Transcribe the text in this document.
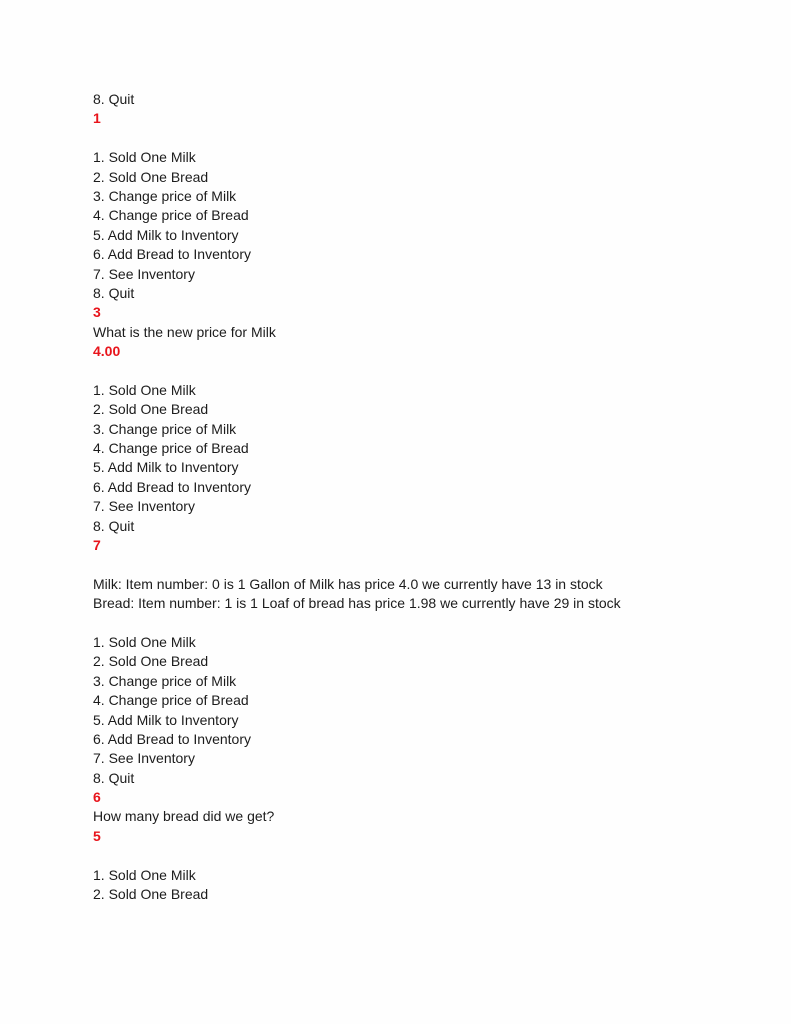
8. Quit
1
1. Sold One Milk
2. Sold One Bread
3. Change price of Milk
4. Change price of Bread
5. Add Milk to Inventory
6. Add Bread to Inventory
7. See Inventory
8. Quit
3
What is the new price for Milk
4.00
1. Sold One Milk
2. Sold One Bread
3. Change price of Milk
4. Change price of Bread
5. Add Milk to Inventory
6. Add Bread to Inventory
7. See Inventory
8. Quit
7
Milk: Item number: 0 is 1 Gallon of Milk has price 4.0 we currently have 13 in stock
Bread: Item number: 1 is 1 Loaf of bread has price 1.98 we currently have 29 in stock
1. Sold One Milk
2. Sold One Bread
3. Change price of Milk
4. Change price of Bread
5. Add Milk to Inventory
6. Add Bread to Inventory
7. See Inventory
8. Quit
6
How many bread did we get?
5
1. Sold One Milk
2. Sold One Bread
